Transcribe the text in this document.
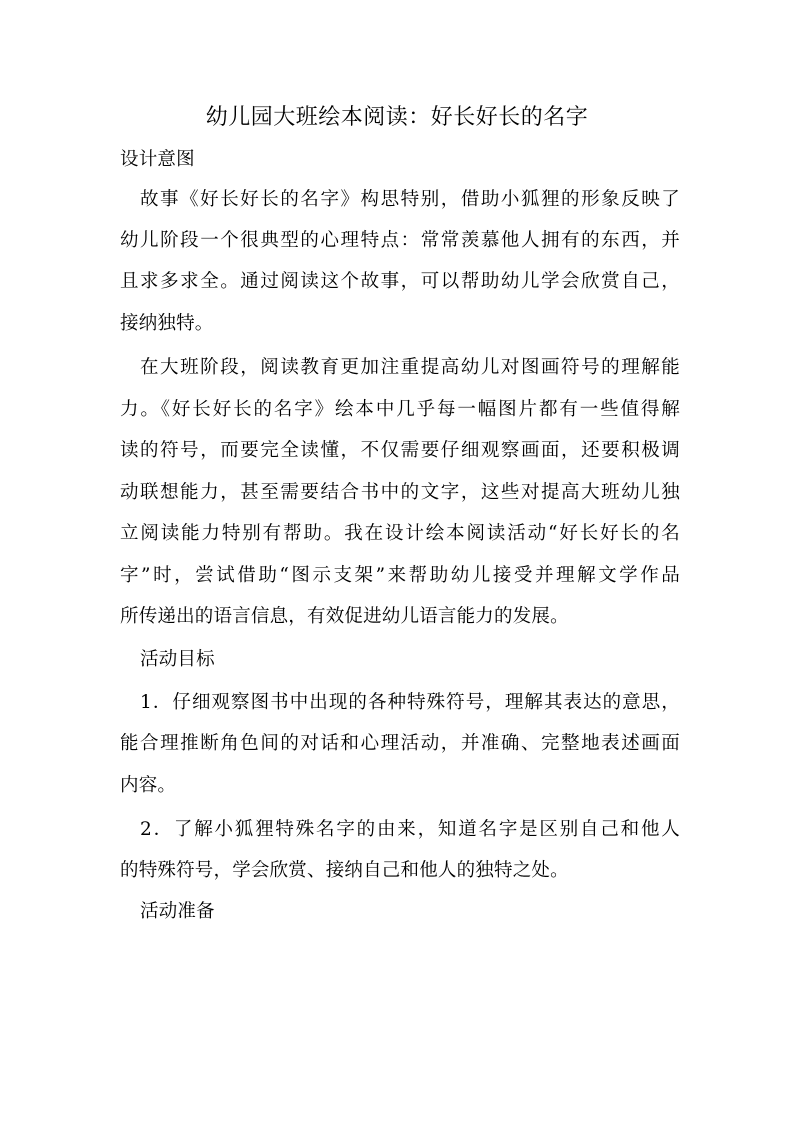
幼儿园大班绘本阅读：好长好长的名字
设计意图
故事《好长好长的名字》构思特别，借助小狐狸的形象反映了
幼儿阶段一个很典型的心理特点：常常羡慕他人拥有的东西，并
且求多求全。通过阅读这个故事，可以帮助幼儿学会欣赏自己，
接纳独特。
在大班阶段，阅读教育更加注重提高幼儿对图画符号的理解能
力。《好长好长的名字》绘本中几乎每一幅图片都有一些值得解
读的符号，而要完全读懂，不仅需要仔细观察画面，还要积极调
动联想能力，甚至需要结合书中的文字，这些对提高大班幼儿独
立阅读能力特别有帮助。我在设计绘本阅读活动“好长好长的名
字”时，尝试借助“图示支架”来帮助幼儿接受并理解文学作品
所传递出的语言信息，有效促进幼儿语言能力的发展。
活动目标
1．仔细观察图书中出现的各种特殊符号，理解其表达的意思，
能合理推断角色间的对话和心理活动，并准确、完整地表述画面
内容。
2．了解小狐狸特殊名字的由来，知道名字是区别自己和他人
的特殊符号，学会欣赏、接纳自己和他人的独特之处。
活动准备
